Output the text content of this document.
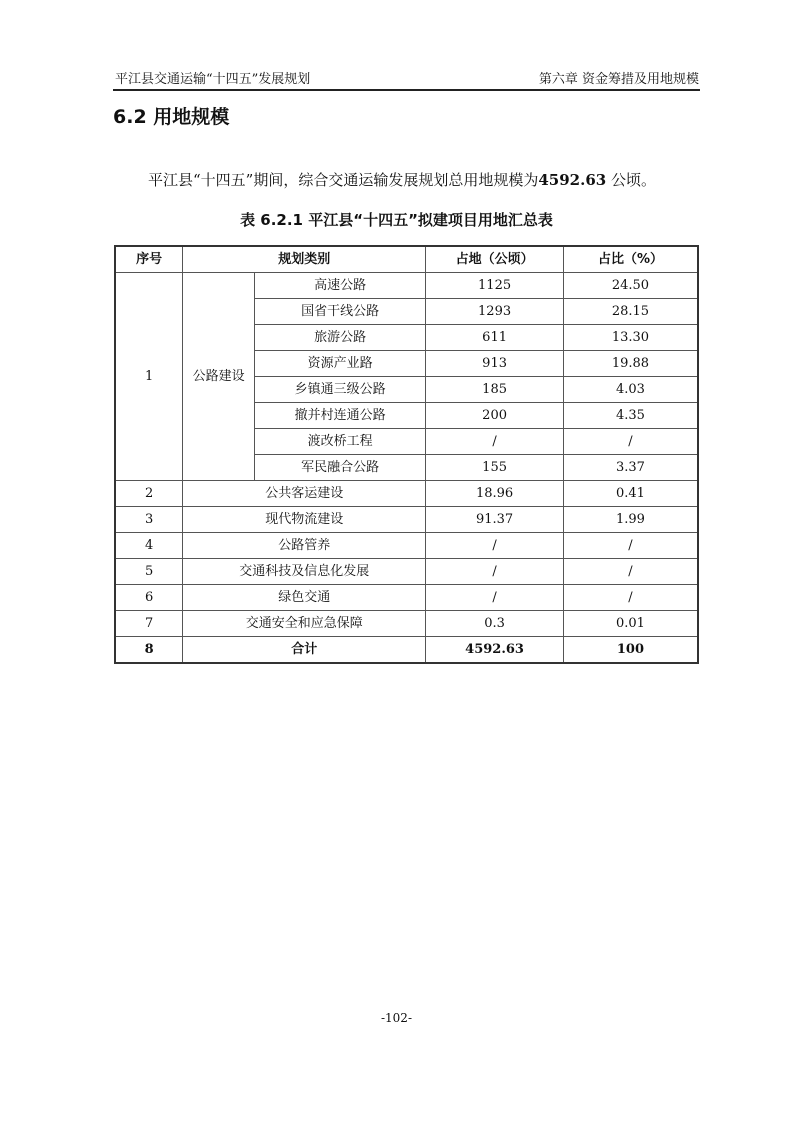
平江县交通运输“十四五”发展规划	第六章 资金筹措及用地规模
6.2 用地规模
平江县“十四五”期间，综合交通运输发展规划总用地规模为4592.63 公顷。
表 6.2.1 平江县“十四五”拟建项目用地汇总表
序号	规划类别		占地（公顷）	占比（%）
1	公路建设	高速公路	1125	24.50
		国省干线公路	1293	28.15
		旅游公路	611	13.30
		资源产业路	913	19.88
		乡镇通三级公路	185	4.03
		撤并村连通公路	200	4.35
		渡改桥工程	/	/
		军民融合公路	155	3.37
2	公共客运建设		18.96	0.41
3	现代物流建设		91.37	1.99
4	公路管养		/	/
5	交通科技及信息化发展		/	/
6	绿色交通		/	/
7	交通安全和应急保障		0.3	0.01
8	合计		4592.63	100
-102-
